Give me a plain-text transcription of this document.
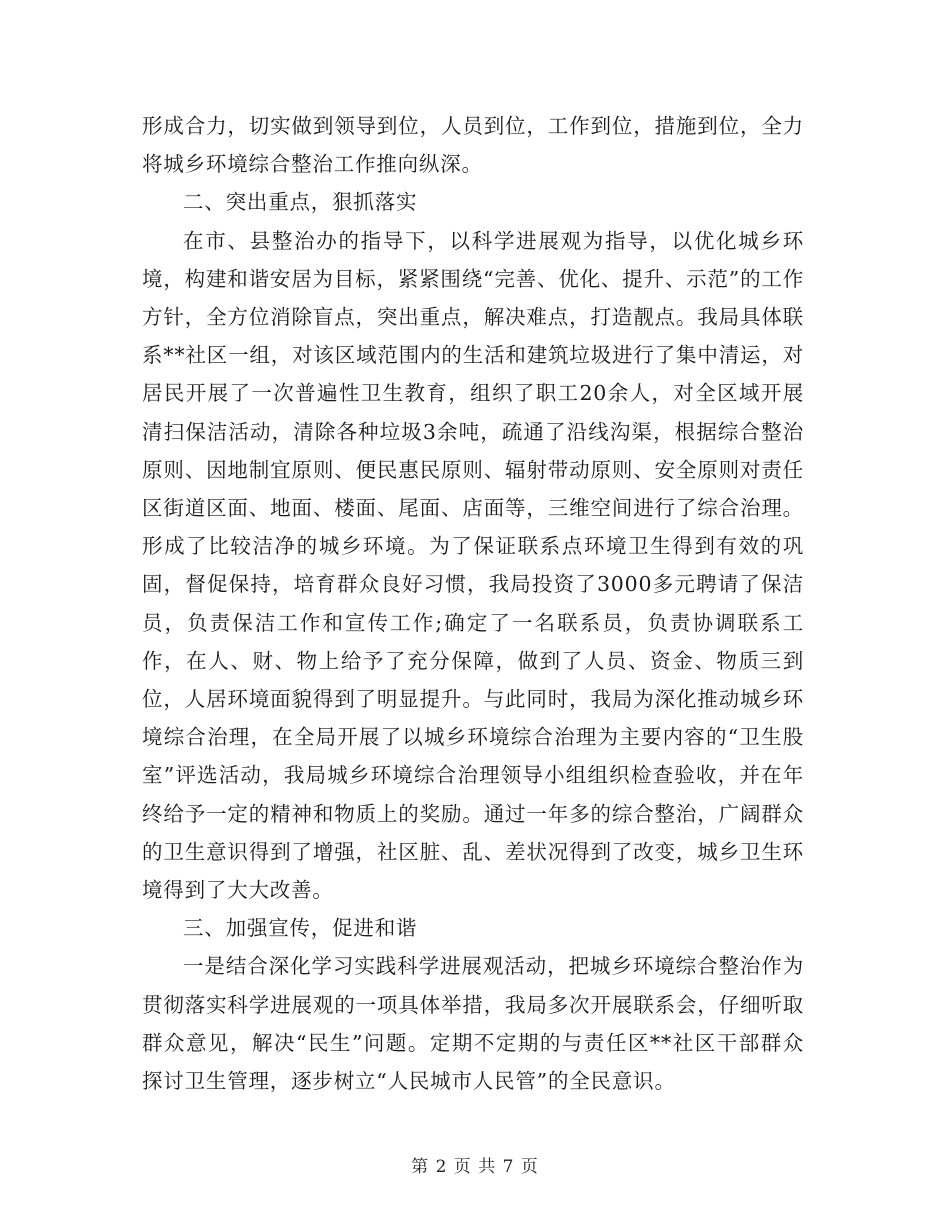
形成合力，切实做到领导到位，人员到位，工作到位，措施到位，全力将城乡环境综合整治工作推向纵深。

二、突出重点，狠抓落实

在市、县整治办的指导下，以科学进展观为指导，以优化城乡环境，构建和谐安居为目标，紧紧围绕“完善、优化、提升、示范”的工作方针，全方位消除盲点，突出重点，解决难点，打造靓点。我局具体联系**社区一组，对该区域范围内的生活和建筑垃圾进行了集中清运，对居民开展了一次普遍性卫生教育，组织了职工20余人，对全区域开展清扫保洁活动，清除各种垃圾3余吨，疏通了沿线沟渠，根据综合整治原则、因地制宜原则、便民惠民原则、辐射带动原则、安全原则对责任区街道区面、地面、楼面、尾面、店面等，三维空间进行了综合治理。形成了比较洁净的城乡环境。为了保证联系点环境卫生得到有效的巩固，督促保持，培育群众良好习惯，我局投资了3000多元聘请了保洁员，负责保洁工作和宣传工作;确定了一名联系员，负责协调联系工作，在人、财、物上给予了充分保障，做到了人员、资金、物质三到位，人居环境面貌得到了明显提升。与此同时，我局为深化推动城乡环境综合治理，在全局开展了以城乡环境综合治理为主要内容的“卫生股室”评选活动，我局城乡环境综合治理领导小组组织检查验收，并在年终给予一定的精神和物质上的奖励。通过一年多的综合整治，广阔群众的卫生意识得到了增强，社区脏、乱、差状况得到了改变，城乡卫生环境得到了大大改善。

三、加强宣传，促进和谐

一是结合深化学习实践科学进展观活动，把城乡环境综合整治作为贯彻落实科学进展观的一项具体举措，我局多次开展联系会，仔细听取群众意见，解决“民生”问题。定期不定期的与责任区**社区干部群众探讨卫生管理，逐步树立“人民城市人民管”的全民意识。

第 2 页 共 7 页
